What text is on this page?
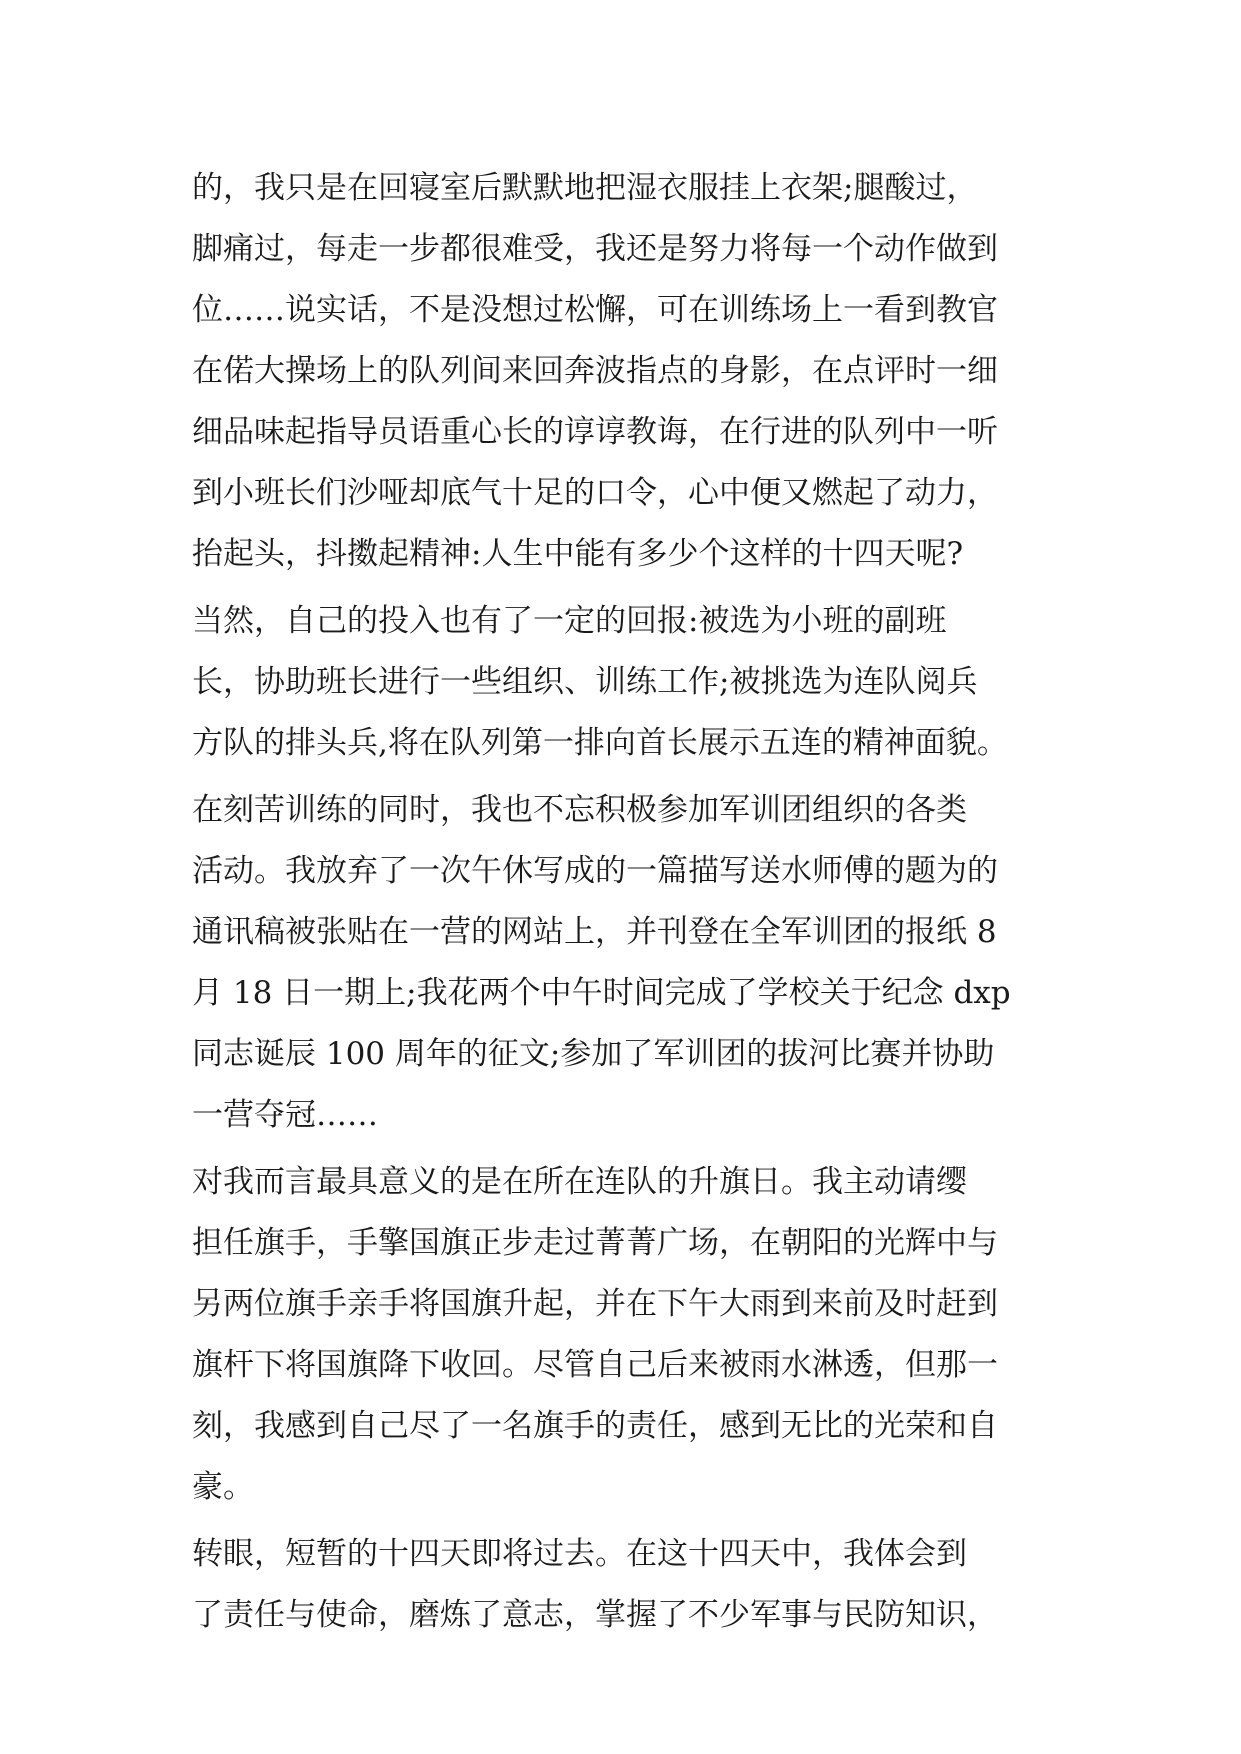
的，我只是在回寝室后默默地把湿衣服挂上衣架;腿酸过，
脚痛过，每走一步都很难受，我还是努力将每一个动作做到
位……说实话，不是没想过松懈，可在训练场上一看到教官
在偌大操场上的队列间来回奔波指点的身影，在点评时一细
细品味起指导员语重心长的谆谆教诲，在行进的队列中一听
到小班长们沙哑却底气十足的口令，心中便又燃起了动力，
抬起头，抖擞起精神:人生中能有多少个这样的十四天呢?
当然，自己的投入也有了一定的回报:被选为小班的副班
长，协助班长进行一些组织、训练工作;被挑选为连队阅兵
方队的排头兵,将在队列第一排向首长展示五连的精神面貌。
在刻苦训练的同时，我也不忘积极参加军训团组织的各类
活动。我放弃了一次午休写成的一篇描写送水师傅的题为的
通讯稿被张贴在一营的网站上，并刊登在全军训团的报纸 8
月 18 日一期上;我花两个中午时间完成了学校关于纪念 dxp
同志诞辰 100 周年的征文;参加了军训团的拔河比赛并协助
一营夺冠……
对我而言最具意义的是在所在连队的升旗日。我主动请缨
担任旗手，手擎国旗正步走过菁菁广场，在朝阳的光辉中与
另两位旗手亲手将国旗升起，并在下午大雨到来前及时赶到
旗杆下将国旗降下收回。尽管自己后来被雨水淋透，但那一
刻，我感到自己尽了一名旗手的责任，感到无比的光荣和自
豪。
转眼，短暂的十四天即将过去。在这十四天中，我体会到
了责任与使命，磨炼了意志，掌握了不少军事与民防知识，
